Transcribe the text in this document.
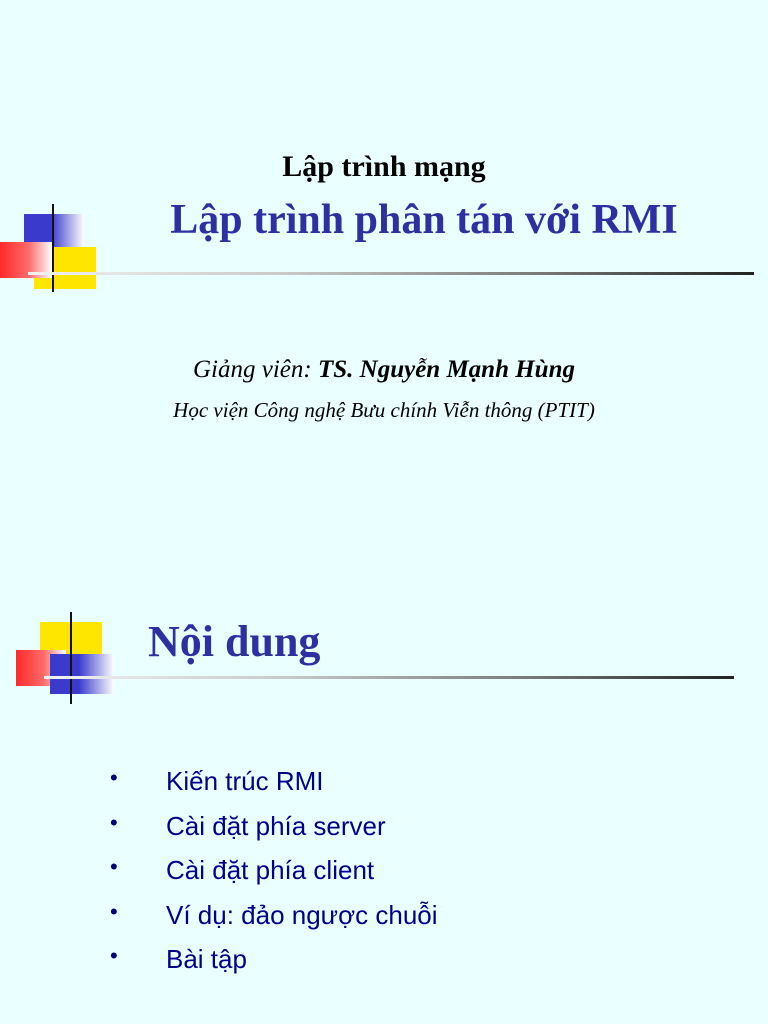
Lập trình mạng
Lập trình phân tán với RMI
Giảng viên: TS. Nguyễn Mạnh Hùng
Học viện Công nghệ Bưu chính Viễn thông (PTIT)
Nội dung
•	Kiến trúc RMI
•	Cài đặt phía server
•	Cài đặt phía client
•	Ví dụ: đảo ngược chuỗi
•	Bài tập
